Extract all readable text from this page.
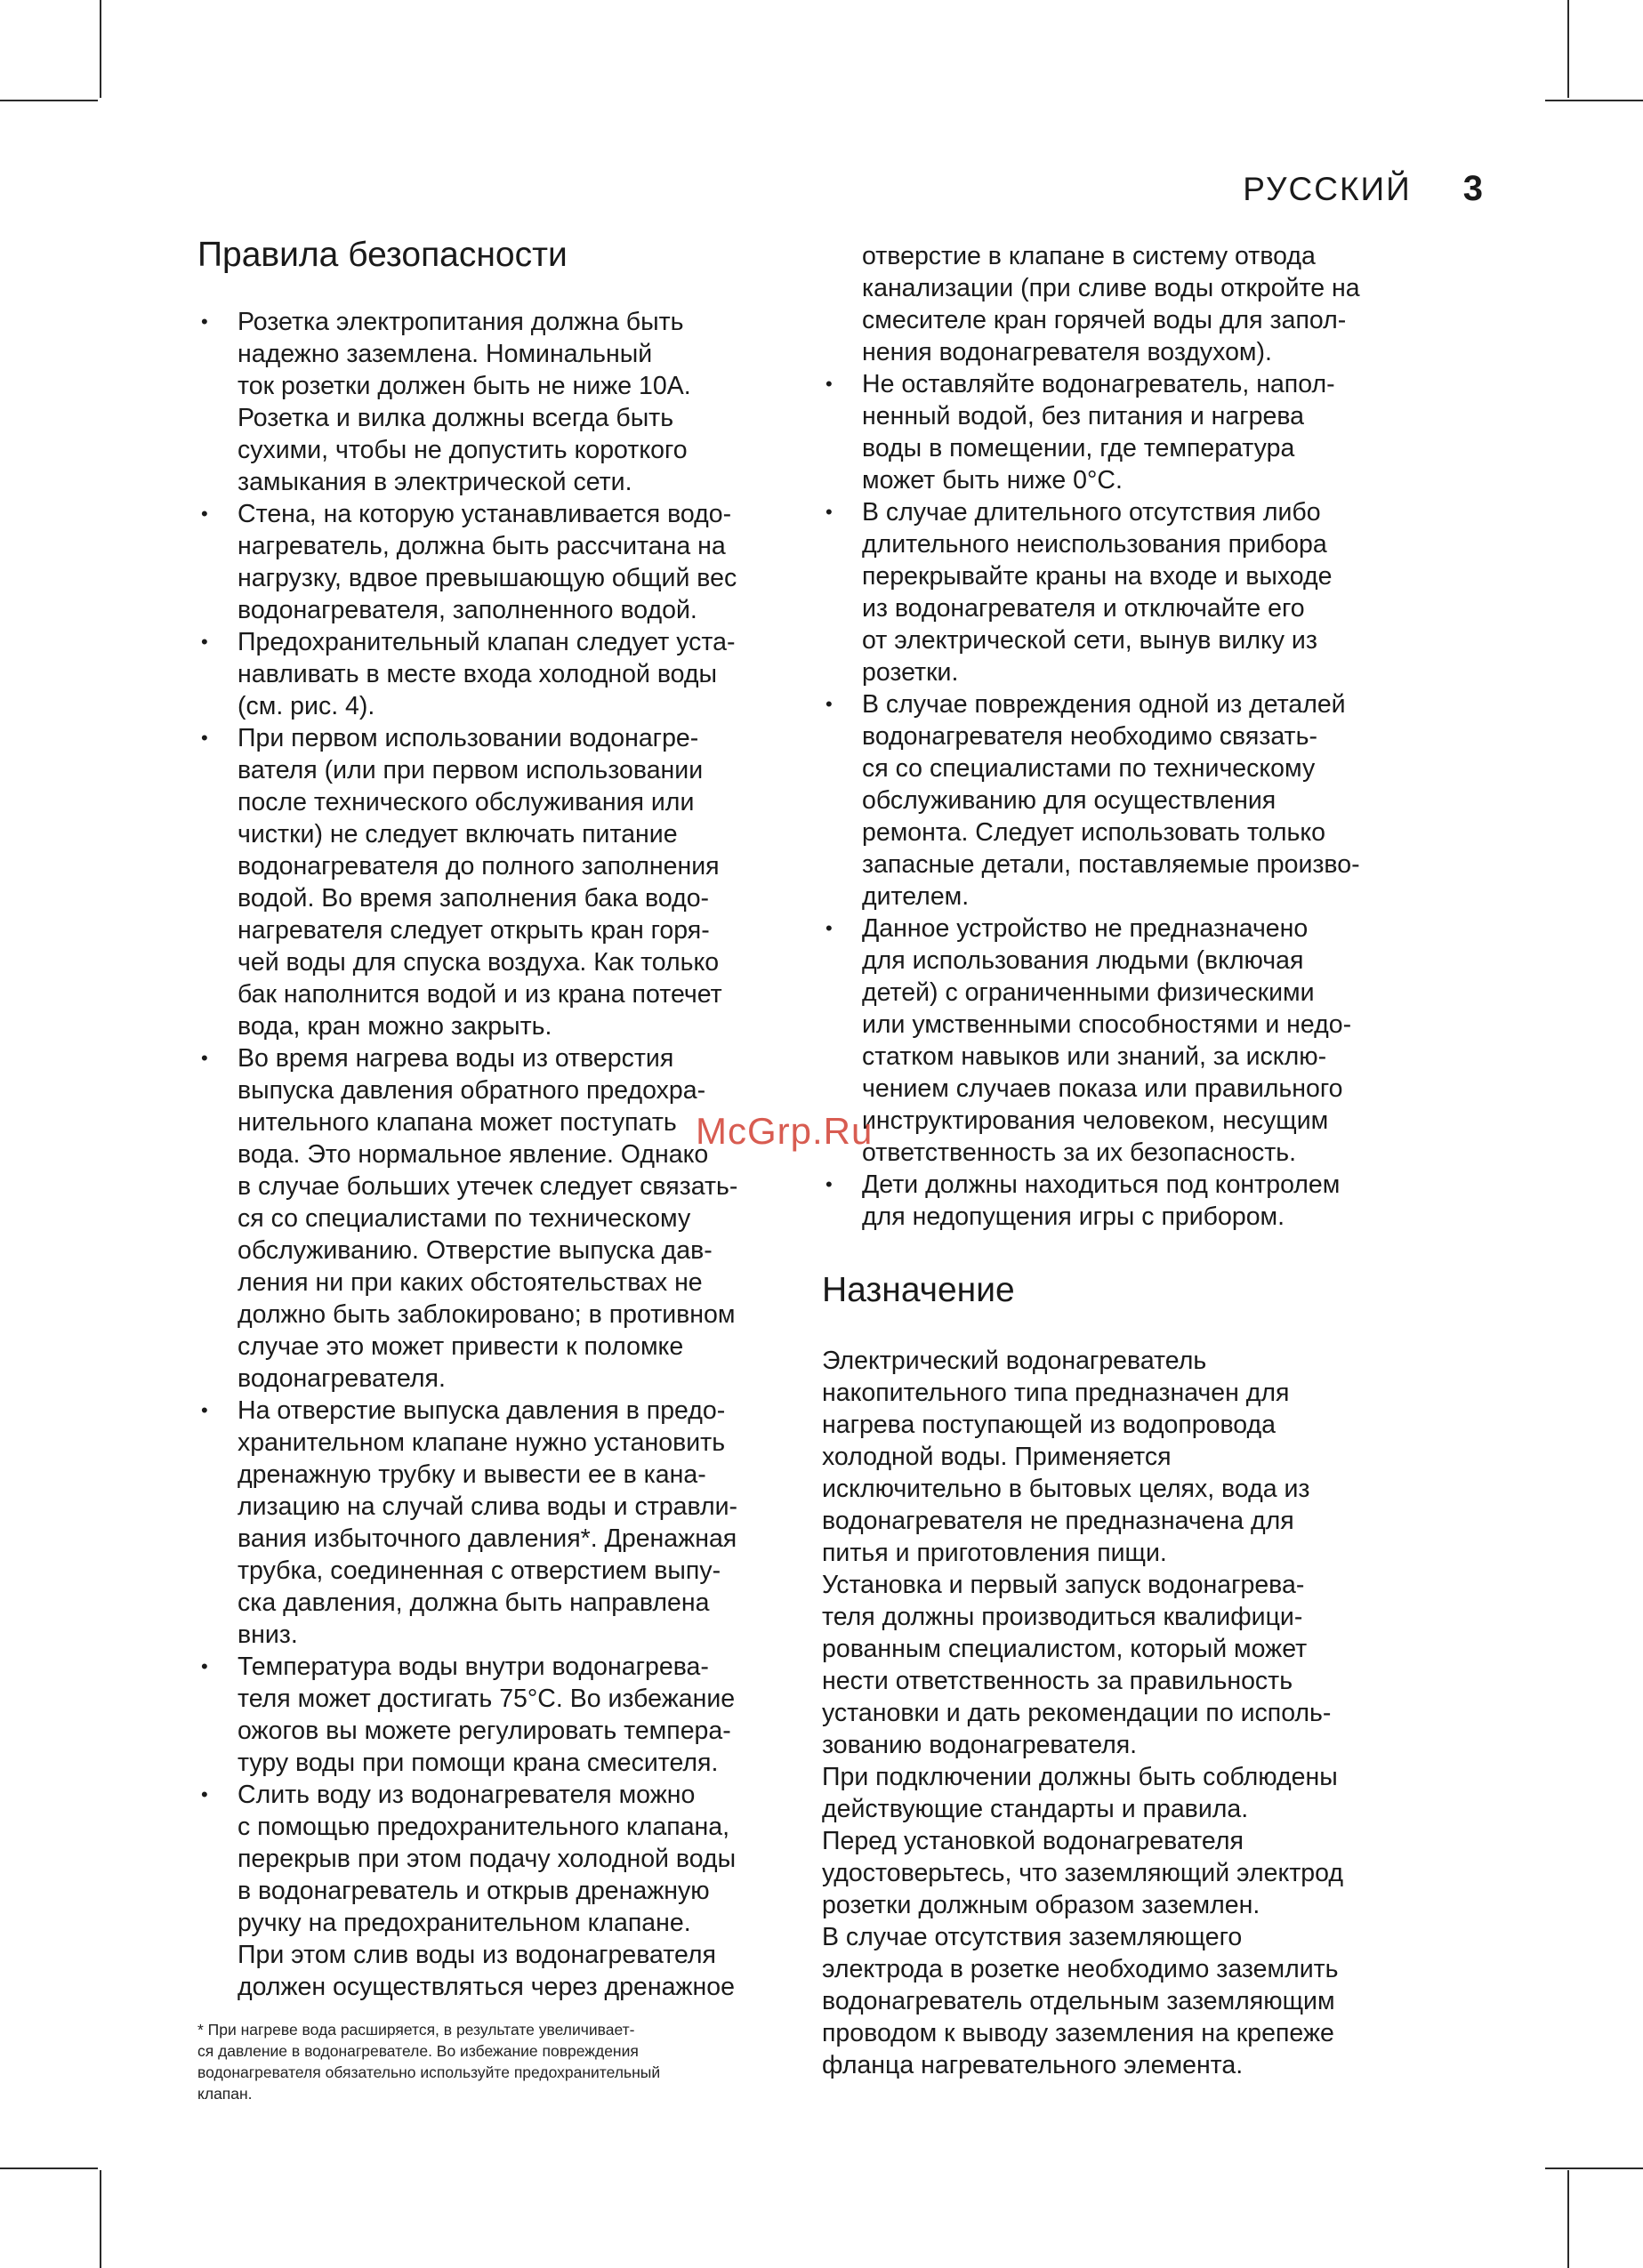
РУССКИЙ 3
Правила безопасности
• Розетка электропитания должна быть
надежно заземлена. Номинальный
ток розетки должен быть не ниже 10А.
Розетка и вилка должны всегда быть
сухими, чтобы не допустить короткого
замыкания в электрической сети.
• Стена, на которую устанавливается водо-
нагреватель, должна быть рассчитана на
нагрузку, вдвое превышающую общий вес
водонагревателя, заполненного водой.
• Предохранительный клапан следует уста-
навливать в месте входа холодной воды
(см. рис. 4).
• При первом использовании водонагре-
вателя (или при первом использовании
после технического обслуживания или
чистки) не следует включать питание
водонагревателя до полного заполнения
водой. Во время заполнения бака водо-
нагревателя следует открыть кран горя-
чей воды для спуска воздуха. Как только
бак наполнится водой и из крана потечет
вода, кран можно закрыть.
• Во время нагрева воды из отверстия
выпуска давления обратного предохра-
нительного клапана может поступать
вода. Это нормальное явление. Однако
в случае больших утечек следует связать-
ся со специалистами по техническому
обслуживанию. Отверстие выпуска дав-
ления ни при каких обстоятельствах не
должно быть заблокировано; в противном
случае это может привести к поломке
водонагревателя.
• На отверстие выпуска давления в предо-
хранительном клапане нужно установить
дренажную трубку и вывести ее в кана-
лизацию на случай слива воды и стравли-
вания избыточного давления*. Дренажная
трубка, соединенная с отверстием выпу-
ска давления, должна быть направлена
вниз.
• Температура воды внутри водонагрева-
теля может достигать 75°С. Во избежание
ожогов вы можете регулировать темпера-
туру воды при помощи крана смесителя.
• Слить воду из водонагревателя можно
с помощью предохранительного клапана,
перекрыв при этом подачу холодной воды
в водонагреватель и открыв дренажную
ручку на предохранительном клапане.
При этом слив воды из водонагревателя
должен осуществляться через дренажное
отверстие в клапане в систему отвода
канализации (при сливе воды откройте на
смесителе кран горячей воды для запол-
нения водонагревателя воздухом).
• Не оставляйте водонагреватель, напол-
ненный водой, без питания и нагрева
воды в помещении, где температура
может быть ниже 0°С.
• В случае длительного отсутствия либо
длительного неиспользования прибора
перекрывайте краны на входе и выходе
из водонагревателя и отключайте его
от электрической сети, вынув вилку из
розетки.
• В случае повреждения одной из деталей
водонагревателя необходимо связать-
ся со специалистами по техническому
обслуживанию для осуществления
ремонта. Следует использовать только
запасные детали, поставляемые произво-
дителем.
• Данное устройство не предназначено
для использования людьми (включая
детей) с ограниченными физическими
или умственными способностями и недо-
статком навыков или знаний, за исклю-
чением случаев показа или правильного
инструктирования человеком, несущим
ответственность за их безопасность.
• Дети должны находиться под контролем
для недопущения игры с прибором.
Назначение

Электрический водонагреватель
накопительного типа предназначен для
нагрева поступающей из водопровода
холодной воды. Применяется
исключительно в бытовых целях, вода из
водонагревателя не предназначена для
питья и приготовления пищи.

Установка и первый запуск водонагрева-
теля должны производиться квалифици-
рованным специалистом, который может
нести ответственность за правильность
установки и дать рекомендации по исполь-
зованию водонагревателя.

При подключении должны быть соблюдены
действующие стандарты и правила.

Перед установкой водонагревателя
удостоверьтесь, что заземляющий электрод
розетки должным образом заземлен.

В случае отсутствия заземляющего
электрода в розетке необходимо заземлить
водонагреватель отдельным заземляющим
проводом к выводу заземления на крепеже
фланца нагревательного элемента.

* При нагреве вода расширяется, в результате увеличивает-
ся давление в водонагревателе. Во избежание повреждения
водонагревателя обязательно используйте предохранительный
клапан.
McGrp.Ru
